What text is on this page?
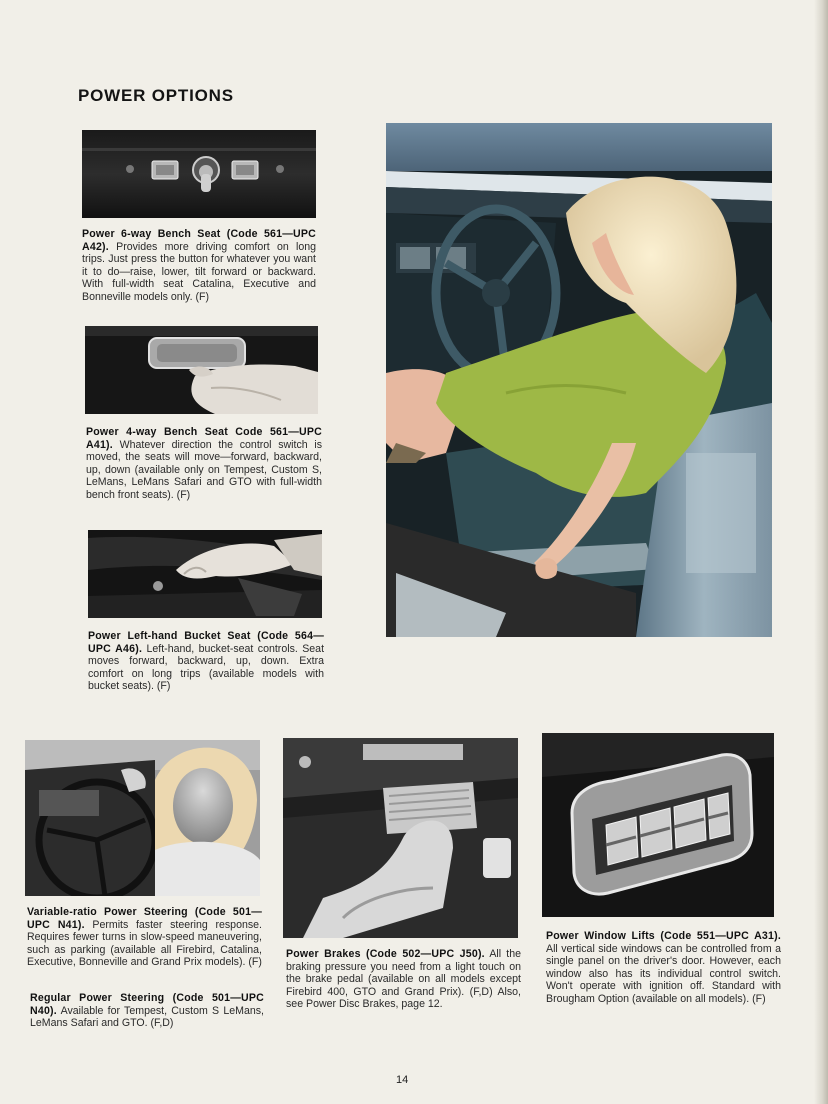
POWER OPTIONS
Power 6-way Bench Seat (Code 561—UPC A42). Provides more driving comfort on long trips. Just press the button for whatever you want it to do—raise, lower, tilt forward or backward. With full-width seat Catalina, Executive and Bonneville models only. (F)
Power 4-way Bench Seat Code 561—UPC A41). Whatever direction the control switch is moved, the seats will move—forward, backward, up, down (available only on Tempest, Custom S, LeMans, LeMans Safari and GTO with full-width bench front seats). (F)
Power Left-hand Bucket Seat (Code 564—UPC A46). Left-hand, bucket-seat controls. Seat moves forward, backward, up, down. Extra comfort on long trips (available models with bucket seats). (F)
Variable-ratio Power Steering (Code 501—UPC N41). Permits faster steering response. Requires fewer turns in slow-speed maneuvering, such as parking (available all Firebird, Catalina, Executive, Bonneville and Grand Prix models). (F)
Regular Power Steering (Code 501—UPC N40). Available for Tempest, Custom S LeMans, LeMans Safari and GTO. (F,D)
Power Brakes (Code 502—UPC J50). All the braking pressure you need from a light touch on the brake pedal (available on all models except Firebird 400, GTO and Grand Prix). (F,D) Also, see Power Disc Brakes, page 12.
Power Window Lifts (Code 551—UPC A31). All vertical side windows can be controlled from a single panel on the driver's door. However, each window also has its individual control switch. Won't operate with ignition off. Standard with Brougham Option (available on all models). (F)
14
